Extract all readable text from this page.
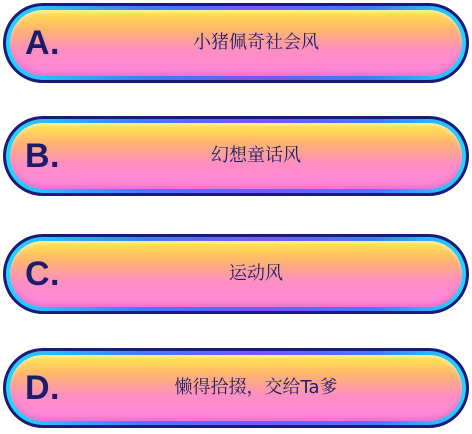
A.	小猪佩奇社会风
B.	幻想童话风
C.	运动风
D.	懒得拾掇，交给Ta爹
